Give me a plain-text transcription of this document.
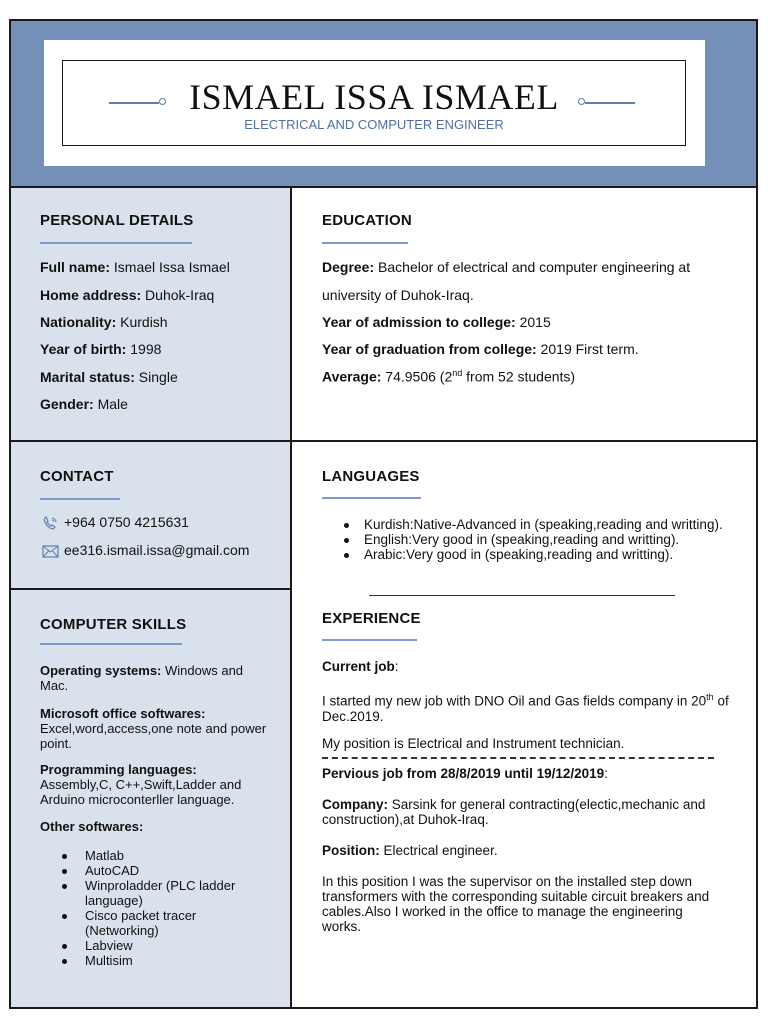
ISMAEL ISSA ISMAEL
ELECTRICAL AND COMPUTER ENGINEER
PERSONAL DETAILS
Full name: Ismael Issa Ismael
Home address: Duhok-Iraq
Nationality: Kurdish
Year of birth: 1998
Marital status: Single
Gender: Male
EDUCATION
Degree: Bachelor of electrical and computer engineering at
university of Duhok-Iraq.
Year of admission to college: 2015
Year of graduation from college: 2019 First term.
Average: 74.9506 (2nd from 52 students)
CONTACT
+964 0750 4215631
ee316.ismail.issa@gmail.com
LANGUAGES
Kurdish:Native-Advanced in (speaking,reading and writting).
English:Very good in (speaking,reading and writting).
Arabic:Very good in (speaking,reading and writting).
COMPUTER SKILLS
Operating systems: Windows and Mac.
Microsoft office softwares:
Excel,word,access,one note and power point.
Programming languages:
Assembly,C, C++,Swift,Ladder and Arduino microconterller language.
Other softwares:
Matlab
AutoCAD
Winproladder (PLC ladder language)
Cisco packet tracer (Networking)
Labview
Multisim
EXPERIENCE
Current job:
I started my new job with DNO Oil and Gas fields company in 20th of Dec.2019.
My position is Electrical and Instrument technician.
Pervious job from 28/8/2019 until 19/12/2019:
Company: Sarsink for general contracting(electic,mechanic and construction),at Duhok-Iraq.
Position: Electrical engineer.
In this position I was the supervisor on the installed step down transformers with the corresponding suitable circuit breakers and cables.Also I worked in the office to manage the engineering works.
